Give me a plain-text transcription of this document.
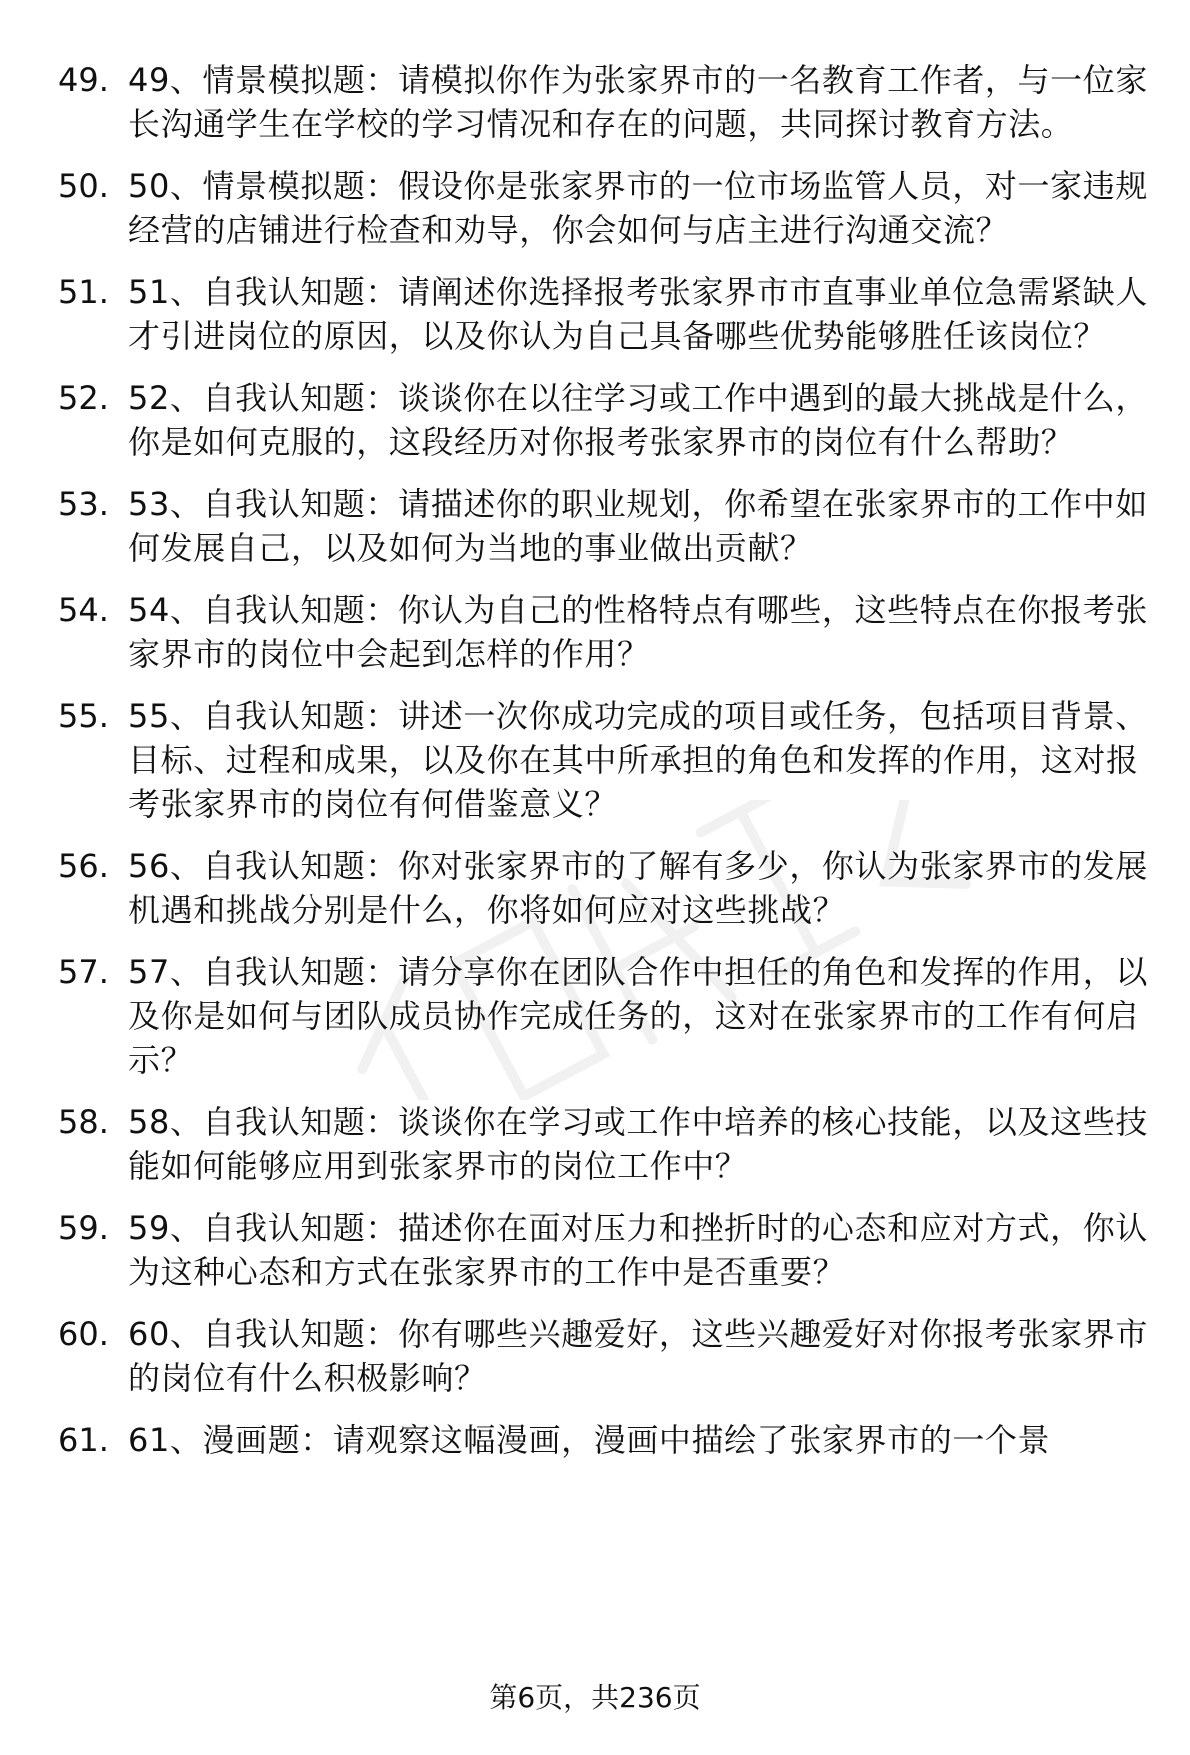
49. 49、情景模拟题：请模拟你作为张家界市的一名教育工作者，与一位家长沟通学生在学校的学习情况和存在的问题，共同探讨教育方法。
50. 50、情景模拟题：假设你是张家界市的一位市场监管人员，对一家违规经营的店铺进行检查和劝导，你会如何与店主进行沟通交流？
51. 51、自我认知题：请阐述你选择报考张家界市市直事业单位急需紧缺人才引进岗位的原因，以及你认为自己具备哪些优势能够胜任该岗位？
52. 52、自我认知题：谈谈你在以往学习或工作中遇到的最大挑战是什么，你是如何克服的，这段经历对你报考张家界市的岗位有什么帮助？
53. 53、自我认知题：请描述你的职业规划，你希望在张家界市的工作中如何发展自己，以及如何为当地的事业做出贡献？
54. 54、自我认知题：你认为自己的性格特点有哪些，这些特点在你报考张家界市的岗位中会起到怎样的作用？
55. 55、自我认知题：讲述一次你成功完成的项目或任务，包括项目背景、目标、过程和成果，以及你在其中所承担的角色和发挥的作用，这对报考张家界市的岗位有何借鉴意义？
56. 56、自我认知题：你对张家界市的了解有多少，你认为张家界市的发展机遇和挑战分别是什么，你将如何应对这些挑战？
57. 57、自我认知题：请分享你在团队合作中担任的角色和发挥的作用，以及你是如何与团队成员协作完成任务的，这对在张家界市的工作有何启示？
58. 58、自我认知题：谈谈你在学习或工作中培养的核心技能，以及这些技能如何能够应用到张家界市的岗位工作中？
59. 59、自我认知题：描述你在面对压力和挫折时的心态和应对方式，你认为这种心态和方式在张家界市的工作中是否重要？
60. 60、自我认知题：你有哪些兴趣爱好，这些兴趣爱好对你报考张家界市的岗位有什么积极影响？
61. 61、漫画题：请观察这幅漫画，漫画中描绘了张家界市的一个景
第6页，共236页
